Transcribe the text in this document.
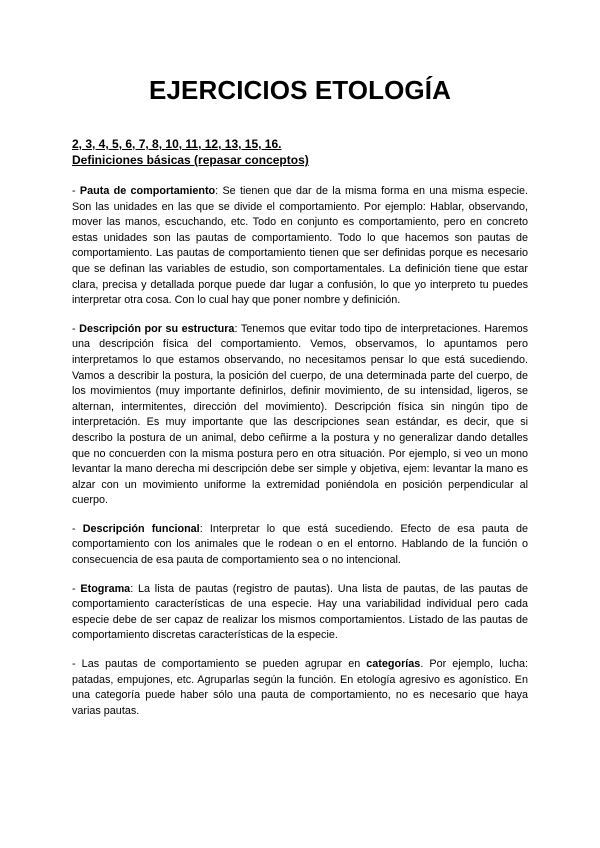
EJERCICIOS ETOLOGÍA

2, 3, 4, 5, 6, 7, 8, 10, 11, 12, 13, 15, 16.

Definiciones básicas (repasar conceptos)

- Pauta de comportamiento: Se tienen que dar de la misma forma en una misma especie. Son las unidades en las que se divide el comportamiento. Por ejemplo: Hablar, observando, mover las manos, escuchando, etc. Todo en conjunto es comportamiento, pero en concreto estas unidades son las pautas de comportamiento. Todo lo que hacemos son pautas de comportamiento. Las pautas de comportamiento tienen que ser definidas porque es necesario que se definan las variables de estudio, son comportamentales. La definición tiene que estar clara, precisa y detallada porque puede dar lugar a confusión, lo que yo interpreto tu puedes interpretar otra cosa. Con lo cual hay que poner nombre y definición.

- Descripción por su estructura: Tenemos que evitar todo tipo de interpretaciones. Haremos una descripción física del comportamiento. Vemos, observamos, lo apuntamos pero interpretamos lo que estamos observando, no necesitamos pensar lo que está sucediendo. Vamos a describir la postura, la posición del cuerpo, de una determinada parte del cuerpo, de los movimientos (muy importante definirlos, definir movimiento, de su intensidad, ligeros, se alternan, intermitentes, dirección del movimiento). Descripción física sin ningún tipo de interpretación. Es muy importante que las descripciones sean estándar, es decir, que si describo la postura de un animal, debo ceñirme a la postura y no generalizar dando detalles que no concuerden con la misma postura pero en otra situación. Por ejemplo, si veo un mono levantar la mano derecha mi descripción debe ser simple y objetiva, ejem: levantar la mano es alzar con un movimiento uniforme la extremidad poniéndola en posición perpendicular al cuerpo.

- Descripción funcional: Interpretar lo que está sucediendo. Efecto de esa pauta de comportamiento con los animales que le rodean o en el entorno. Hablando de la función o consecuencia de esa pauta de comportamiento sea o no intencional.

- Etograma: La lista de pautas (registro de pautas). Una lista de pautas, de las pautas de comportamiento características de una especie. Hay una variabilidad individual pero cada especie debe de ser capaz de realizar los mismos comportamientos. Listado de las pautas de comportamiento discretas características de la especie.

- Las pautas de comportamiento se pueden agrupar en categorías. Por ejemplo, lucha: patadas, empujones, etc. Agruparlas según la función. En etología agresivo es agonístico. En una categoría puede haber sólo una pauta de comportamiento, no es necesario que haya varias pautas.
